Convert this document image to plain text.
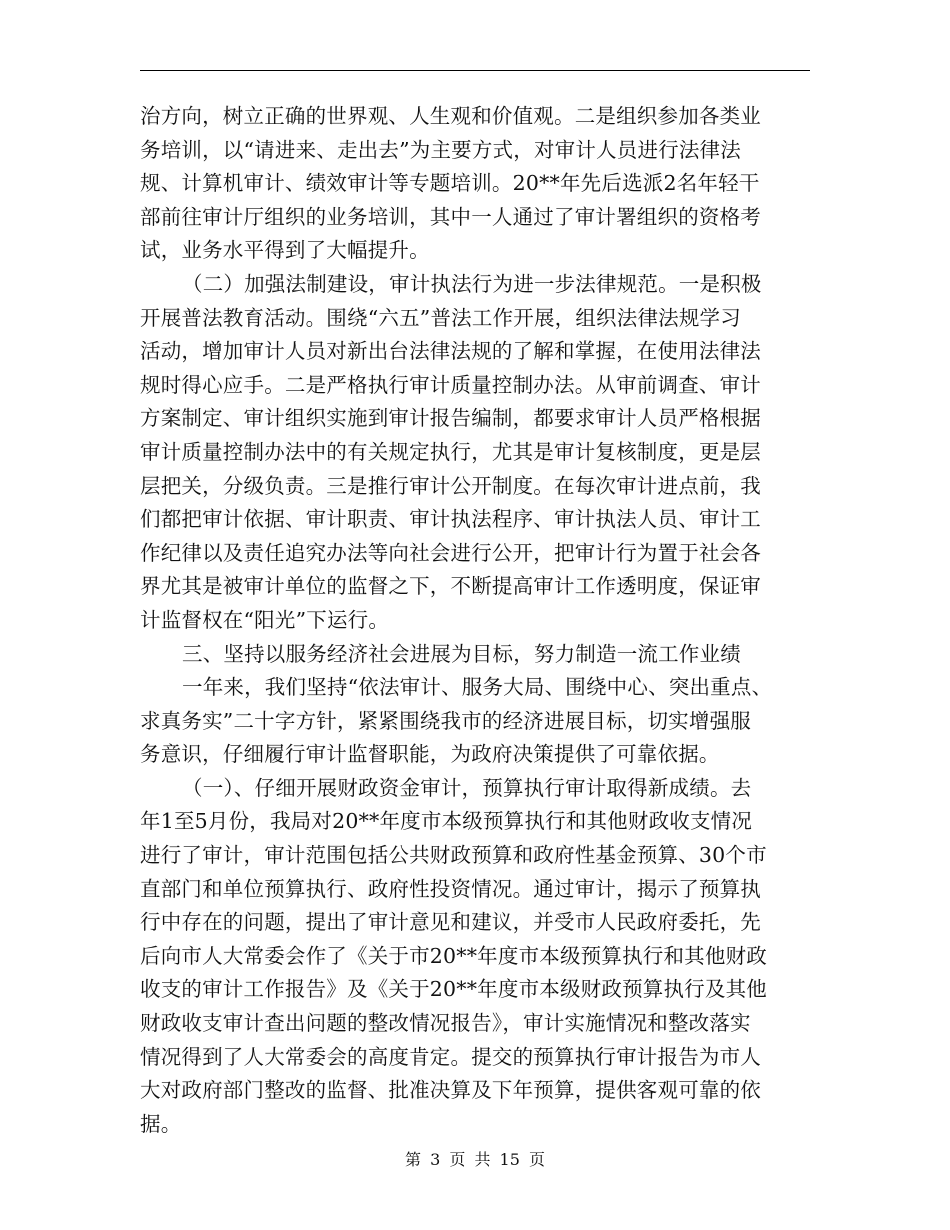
治方向，树立正确的世界观、人生观和价值观。二是组织参加各类业
务培训，以“请进来、走出去”为主要方式，对审计人员进行法律法
规、计算机审计、绩效审计等专题培训。20**年先后选派2名年轻干
部前往审计厅组织的业务培训，其中一人通过了审计署组织的资格考
试，业务水平得到了大幅提升。
（二）加强法制建设，审计执法行为进一步法律规范。一是积极
开展普法教育活动。围绕“六五”普法工作开展，组织法律法规学习
活动，增加审计人员对新出台法律法规的了解和掌握，在使用法律法
规时得心应手。二是严格执行审计质量控制办法。从审前调查、审计
方案制定、审计组织实施到审计报告编制，都要求审计人员严格根据
审计质量控制办法中的有关规定执行，尤其是审计复核制度，更是层
层把关，分级负责。三是推行审计公开制度。在每次审计进点前，我
们都把审计依据、审计职责、审计执法程序、审计执法人员、审计工
作纪律以及责任追究办法等向社会进行公开，把审计行为置于社会各
界尤其是被审计单位的监督之下，不断提高审计工作透明度，保证审
计监督权在“阳光”下运行。
三、坚持以服务经济社会进展为目标，努力制造一流工作业绩
一年来，我们坚持“依法审计、服务大局、围绕中心、突出重点、
求真务实”二十字方针，紧紧围绕我市的经济进展目标，切实增强服
务意识，仔细履行审计监督职能，为政府决策提供了可靠依据。
（一）、仔细开展财政资金审计，预算执行审计取得新成绩。去
年1至5月份，我局对20**年度市本级预算执行和其他财政收支情况
进行了审计，审计范围包括公共财政预算和政府性基金预算、30个市
直部门和单位预算执行、政府性投资情况。通过审计，揭示了预算执
行中存在的问题，提出了审计意见和建议，并受市人民政府委托，先
后向市人大常委会作了《关于市20**年度市本级预算执行和其他财政
收支的审计工作报告》及《关于20**年度市本级财政预算执行及其他
财政收支审计查出问题的整改情况报告》，审计实施情况和整改落实
情况得到了人大常委会的高度肯定。提交的预算执行审计报告为市人
大对政府部门整改的监督、批准决算及下年预算，提供客观可靠的依
据。
第 3 页 共 15 页
